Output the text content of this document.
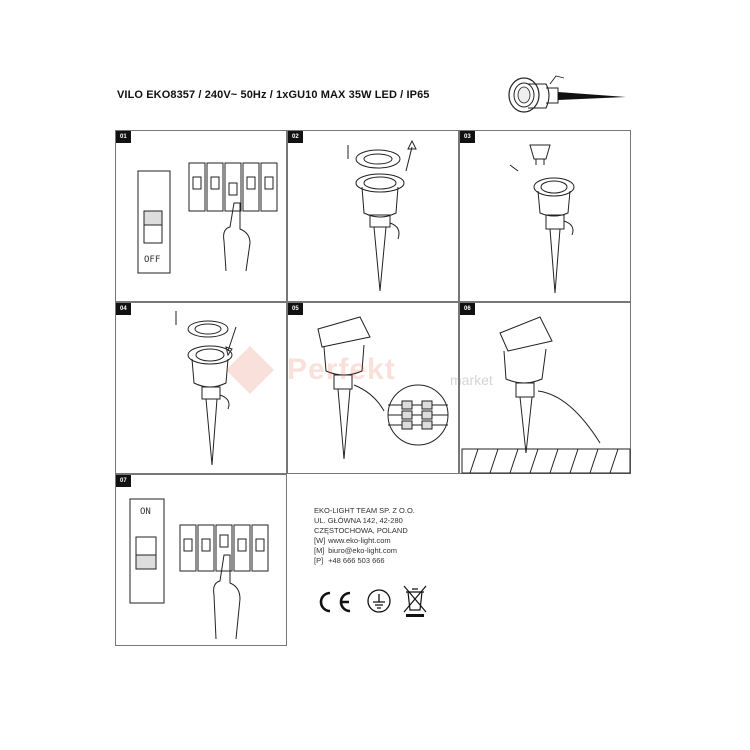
VILO EKO8357 / 240V~ 50Hz / 1xGU10 MAX 35W LED / IP65
01
OFF
02	03
04	05	06
07
ON
Perfekt	market
EKO-LIGHT TEAM SP. Z O.O.
UL. GŁÓWNA 142, 42-280
CZĘSTOCHOWA, POLAND
[W] www.eko-light.com
[M] biuro@eko-light.com
[P] +48 666 503 666
